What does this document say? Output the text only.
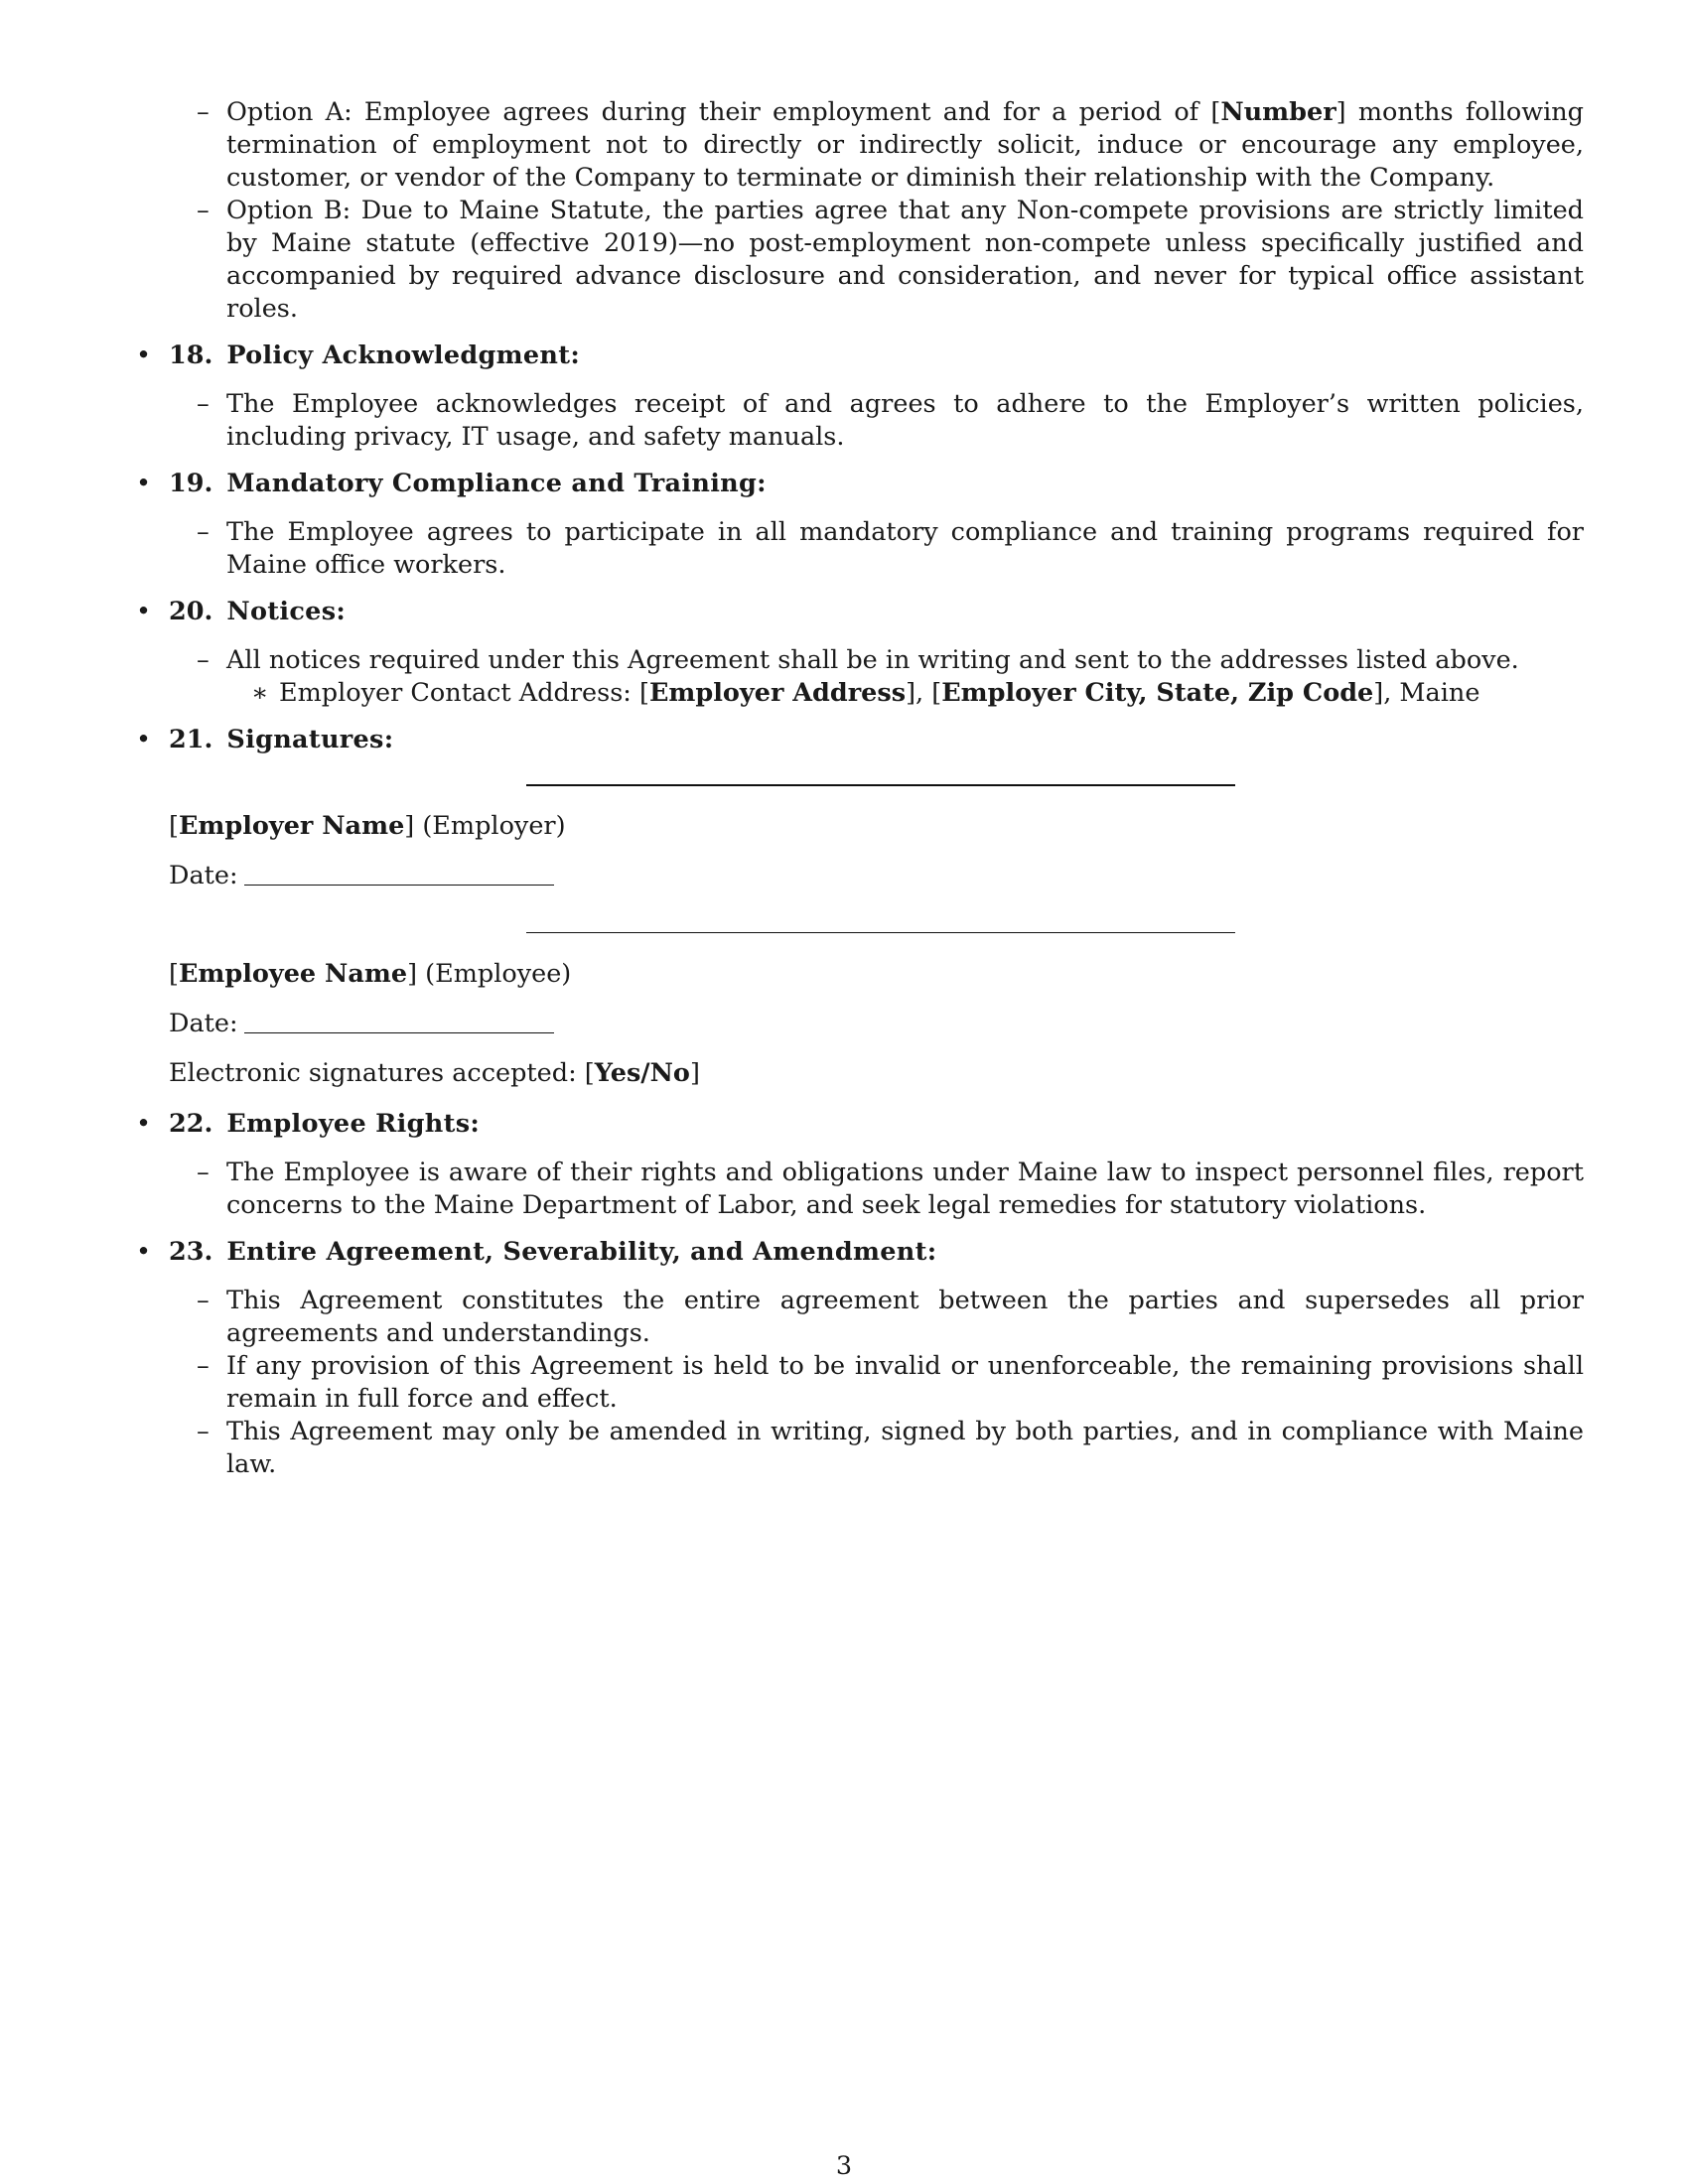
– Option A: Employee agrees during their employment and for a period of [Number] months following termination of employment not to directly or indirectly solicit, induce or encourage any employee, customer, or vendor of the Company to terminate or diminish their relationship with the Company.
– Option B: Due to Maine Statute, the parties agree that any Non-compete provisions are strictly limited by Maine statute (effective 2019)—no post-employment non-compete unless specifically justified and accompanied by required advance disclosure and consideration, and never for typical office assistant roles.
• 18. Policy Acknowledgment:
– The Employee acknowledges receipt of and agrees to adhere to the Employer’s written policies, including privacy, IT usage, and safety manuals.
• 19. Mandatory Compliance and Training:
– The Employee agrees to participate in all mandatory compliance and training programs required for Maine office workers.
• 20. Notices:
– All notices required under this Agreement shall be in writing and sent to the addresses listed above.
∗ Employer Contact Address: [Employer Address], [Employer City, State, Zip Code], Maine
• 21. Signatures:
[Employer Name] (Employer)
Date:
[Employee Name] (Employee)
Date:
Electronic signatures accepted: [Yes/No]
• 22. Employee Rights:
– The Employee is aware of their rights and obligations under Maine law to inspect personnel files, report concerns to the Maine Department of Labor, and seek legal remedies for statutory violations.
• 23. Entire Agreement, Severability, and Amendment:
– This Agreement constitutes the entire agreement between the parties and supersedes all prior agreements and understandings.
– If any provision of this Agreement is held to be invalid or unenforceable, the remaining provisions shall remain in full force and effect.
– This Agreement may only be amended in writing, signed by both parties, and in compliance with Maine law.
3
